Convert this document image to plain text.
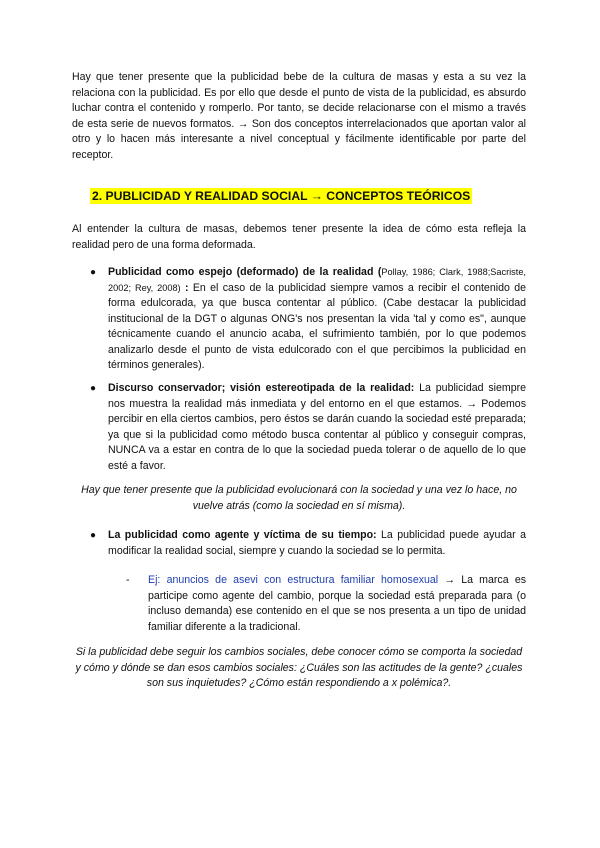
Hay que tener presente que la publicidad bebe de la cultura de masas y esta a su vez la relaciona con la publicidad. Es por ello que desde el punto de vista de la publicidad, es absurdo luchar contra el contenido y romperlo. Por tanto, se decide relacionarse con el mismo a través de esta serie de nuevos formatos. → Son dos conceptos interrelacionados que aportan valor al otro y lo hacen más interesante a nivel conceptual y fácilmente identificable por parte del receptor.

2. PUBLICIDAD Y REALIDAD SOCIAL → CONCEPTOS TEÓRICOS

Al entender la cultura de masas, debemos tener presente la idea de cómo esta refleja la realidad pero de una forma deformada.

●	Publicidad como espejo (deformado) de la realidad (Pollay, 1986; Clark, 1988;Sacriste, 2002; Rey, 2008) : En el caso de la publicidad siempre vamos a recibir el contenido de forma edulcorada, ya que busca contentar al público. (Cabe destacar la publicidad institucional de la DGT o algunas ONG's nos presentan la vida 'tal y como es", aunque técnicamente cuando el anuncio acaba, el sufrimiento también, por lo que podemos analizarlo desde el punto de vista edulcorado con el que percibimos la publicidad en términos generales).
●	Discurso conservador; visión estereotipada de la realidad: La publicidad siempre nos muestra la realidad más inmediata y del entorno en el que estamos. → Podemos percibir en ella ciertos cambios, pero éstos se darán cuando la sociedad esté preparada; ya que si la publicidad como método busca contentar al público y conseguir compras, NUNCA va a estar en contra de lo que la sociedad pueda tolerar o de aquello de lo que esté a favor.
Hay que tener presente que la publicidad evolucionará con la sociedad y una vez lo hace, no vuelve atrás (como la sociedad en sí misma).
●	La publicidad como agente y víctima de su tiempo: La publicidad puede ayudar a modificar la realidad social, siempre y cuando la sociedad se lo permita.
- Ej: anuncios de asevi con estructura familiar homosexual → La marca es participe como agente del cambio, porque la sociedad está preparada para (o incluso demanda) ese contenido en el que se nos presenta a un tipo de unidad familiar diferente a la tradicional.
Si la publicidad debe seguir los cambios sociales, debe conocer cómo se comporta la sociedad y cómo y dónde se dan esos cambios sociales: ¿Cuáles son las actitudes de la gente? ¿cuales son sus inquietudes? ¿Cómo están respondiendo a x polémica?.
